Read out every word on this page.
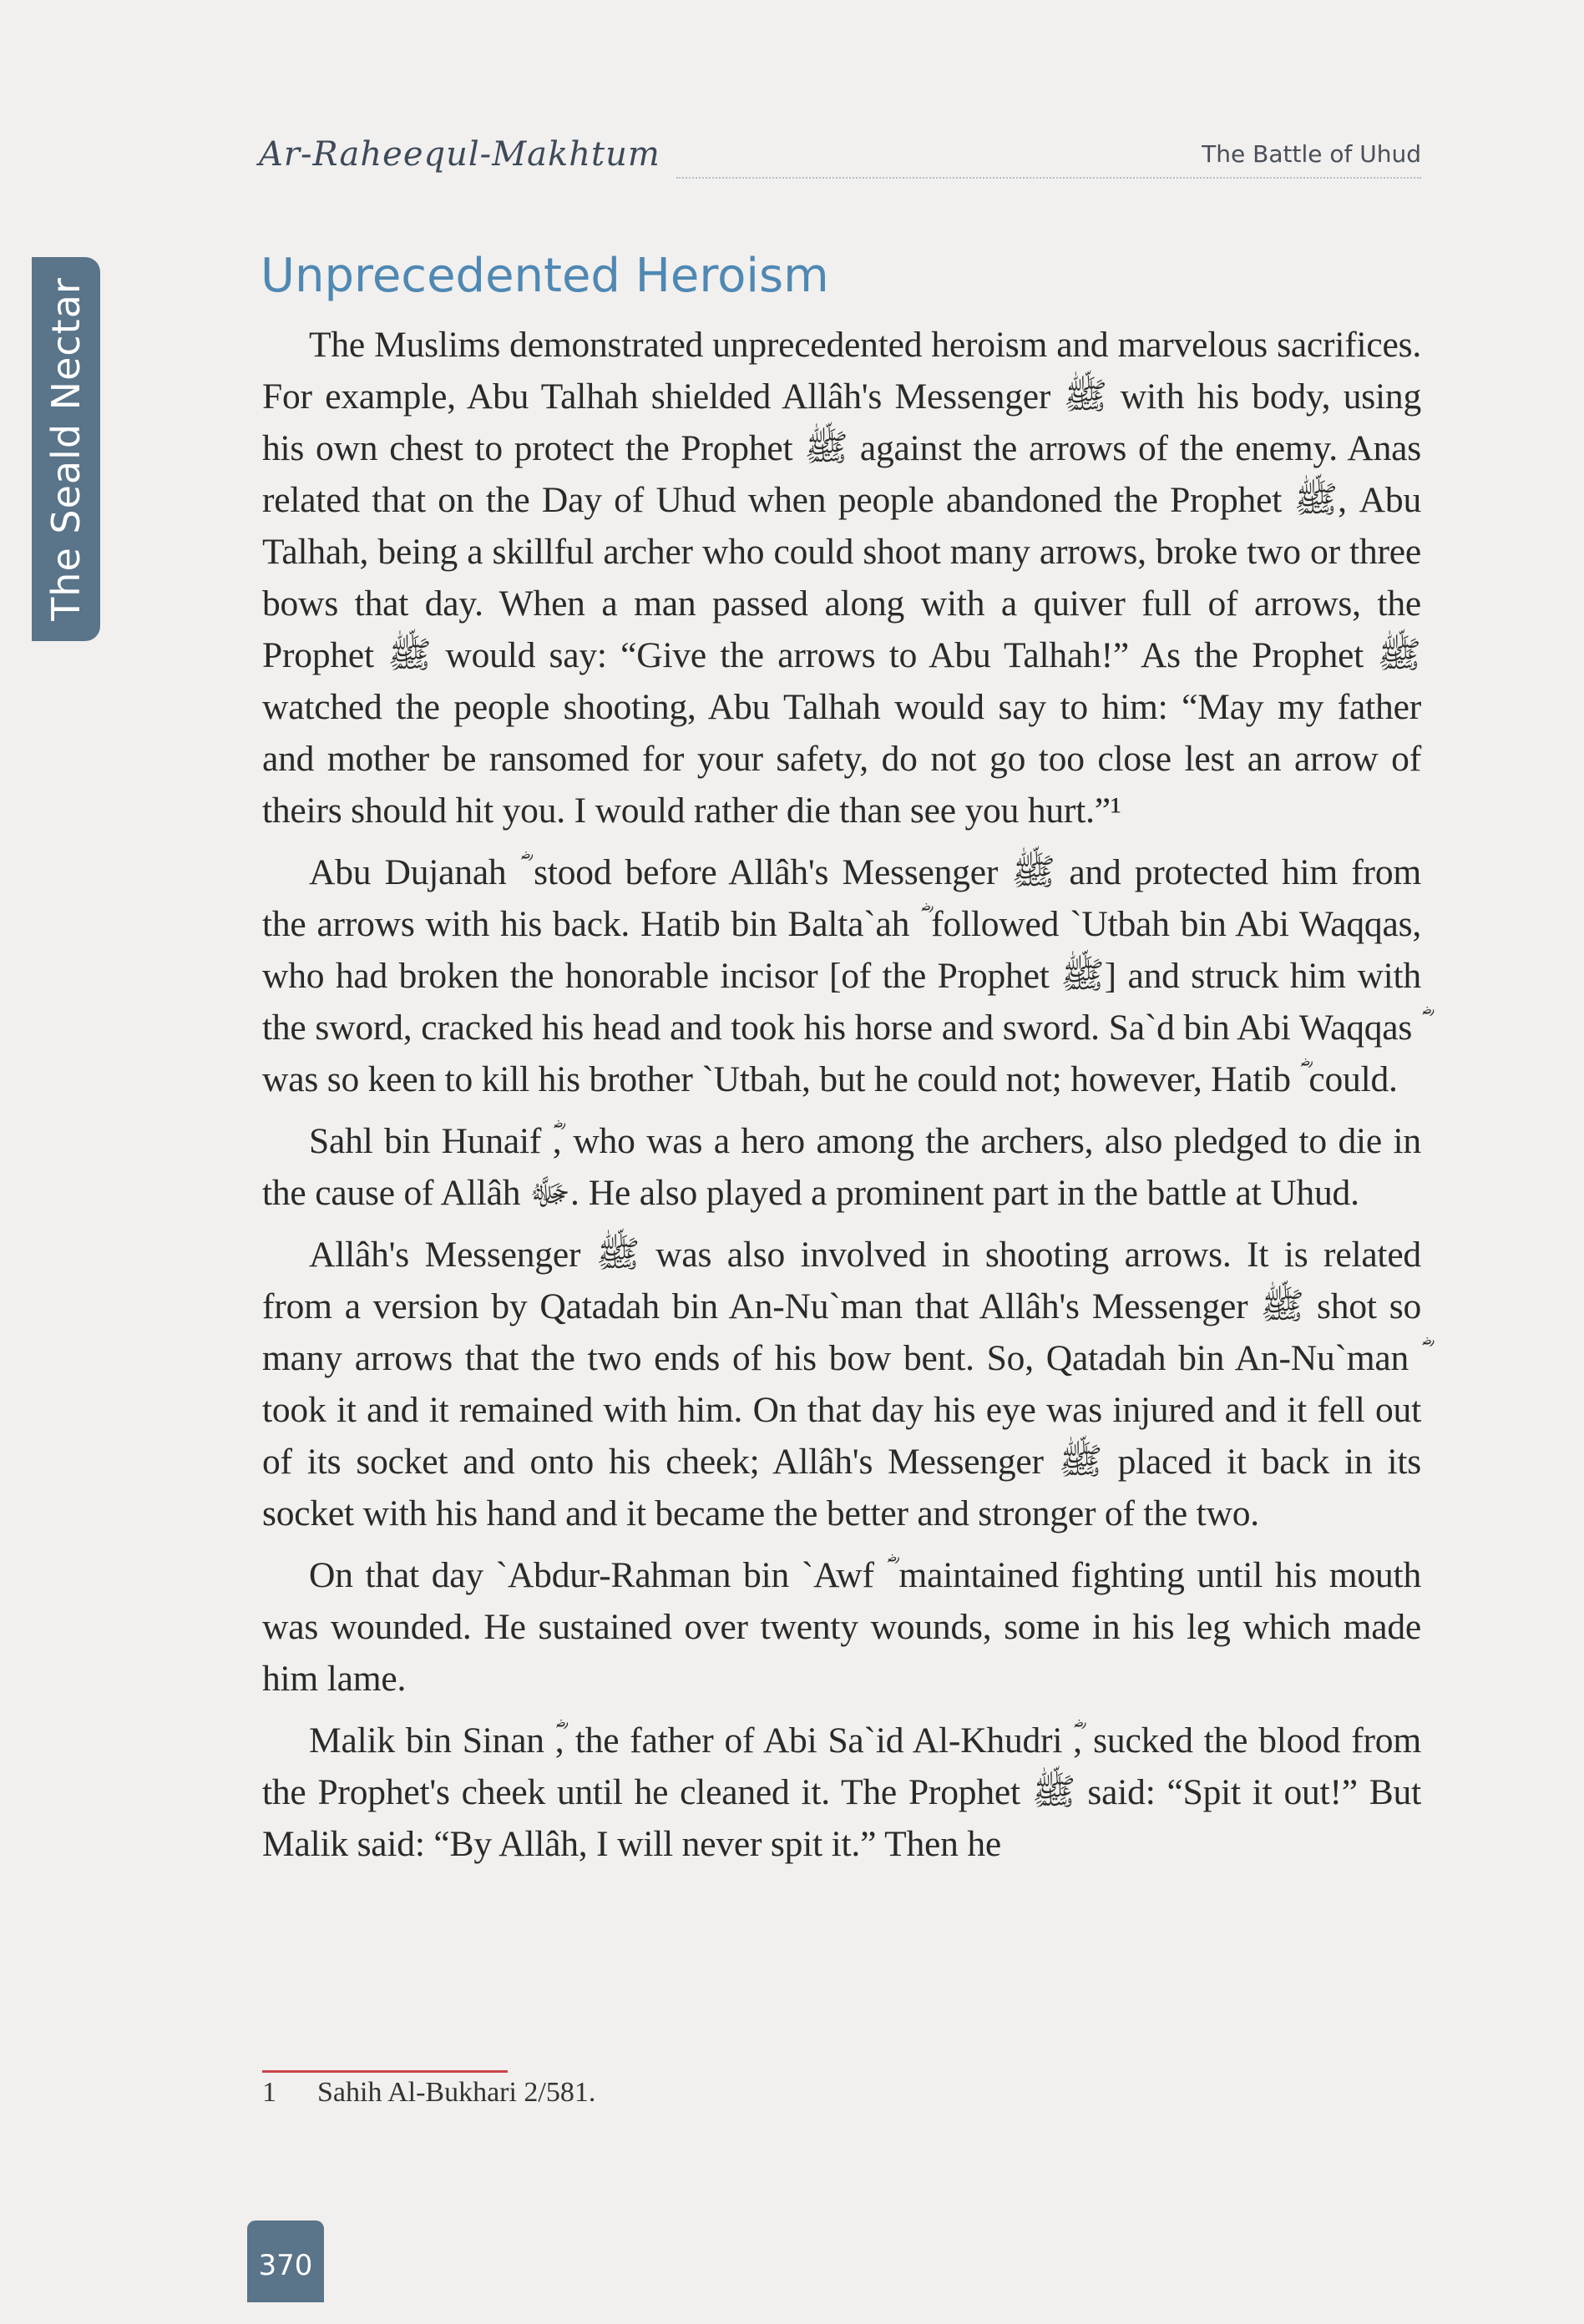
Ar-Raheequl-Makhtum	The Battle of Uhud
The Seald Nectar
Unprecedented Heroism

The Muslims demonstrated unprecedented heroism and marvelous sacrifices. For example, Abu Talhah shielded Allâh's Messenger ﷺ with his body, using his own chest to protect the Prophet ﷺ against the arrows of the enemy. Anas related that on the Day of Uhud when people abandoned the Prophet ﷺ, Abu Talhah, being a skillful archer who could shoot many arrows, broke two or three bows that day. When a man passed along with a quiver full of arrows, the Prophet ﷺ would say: “Give the arrows to Abu Talhah!” As the Prophet ﷺ watched the people shooting, Abu Talhah would say to him: “May my father and mother be ransomed for your safety, do not go too close lest an arrow of theirs should hit you. I would rather die than see you hurt.”¹

Abu Dujanah ؓ stood before Allâh's Messenger ﷺ and protected him from the arrows with his back. Hatib bin Balta`ah ؓ followed `Utbah bin Abi Waqqas, who had broken the honorable incisor [of the Prophet ﷺ] and struck him with the sword, cracked his head and took his horse and sword. Sa`d bin Abi Waqqas ؓ was so keen to kill his brother `Utbah, but he could not; however, Hatib ؓ could.

Sahl bin Hunaif ؓ, who was a hero among the archers, also pledged to die in the cause of Allâh ﷻ. He also played a prominent part in the battle at Uhud.

Allâh's Messenger ﷺ was also involved in shooting arrows. It is related from a version by Qatadah bin An-Nu`man that Allâh's Messenger ﷺ shot so many arrows that the two ends of his bow bent. So, Qatadah bin An-Nu`man ؓ took it and it remained with him. On that day his eye was injured and it fell out of its socket and onto his cheek; Allâh's Messenger ﷺ placed it back in its socket with his hand and it became the better and stronger of the two.

On that day `Abdur-Rahman bin `Awf ؓ maintained fighting until his mouth was wounded. He sustained over twenty wounds, some in his leg which made him lame.

Malik bin Sinan ؓ, the father of Abi Sa`id Al-Khudri ؓ, sucked the blood from the Prophet's cheek until he cleaned it. The Prophet ﷺ said: “Spit it out!” But Malik said: “By Allâh, I will never spit it.” Then he

1 Sahih Al-Bukhari 2/581.
370
